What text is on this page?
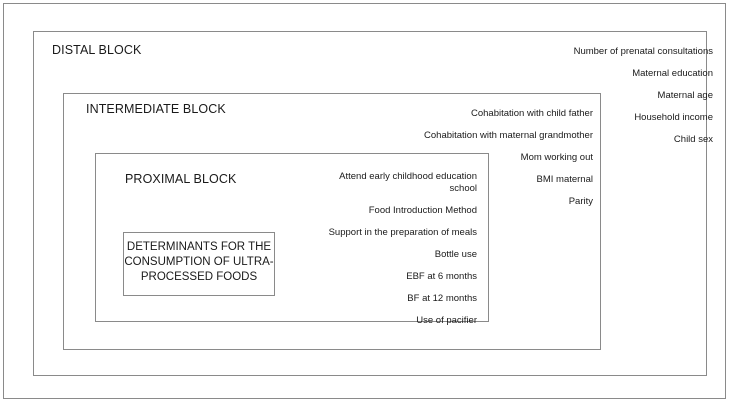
DISTAL BLOCK
INTERMEDIATE BLOCK
PROXIMAL BLOCK
DETERMINANTS FOR THE CONSUMPTION OF ULTRA-PROCESSED FOODS
Number of prenatal consultations
Maternal education
Maternal age
Household income
Child sex
Cohabitation with child father
Cohabitation with maternal grandmother
Mom working out
BMI maternal
Parity
Attend early childhood education school
Food Introduction Method
Support in the preparation of meals
Bottle use
EBF at 6 months
BF at 12 months
Use of pacifier
